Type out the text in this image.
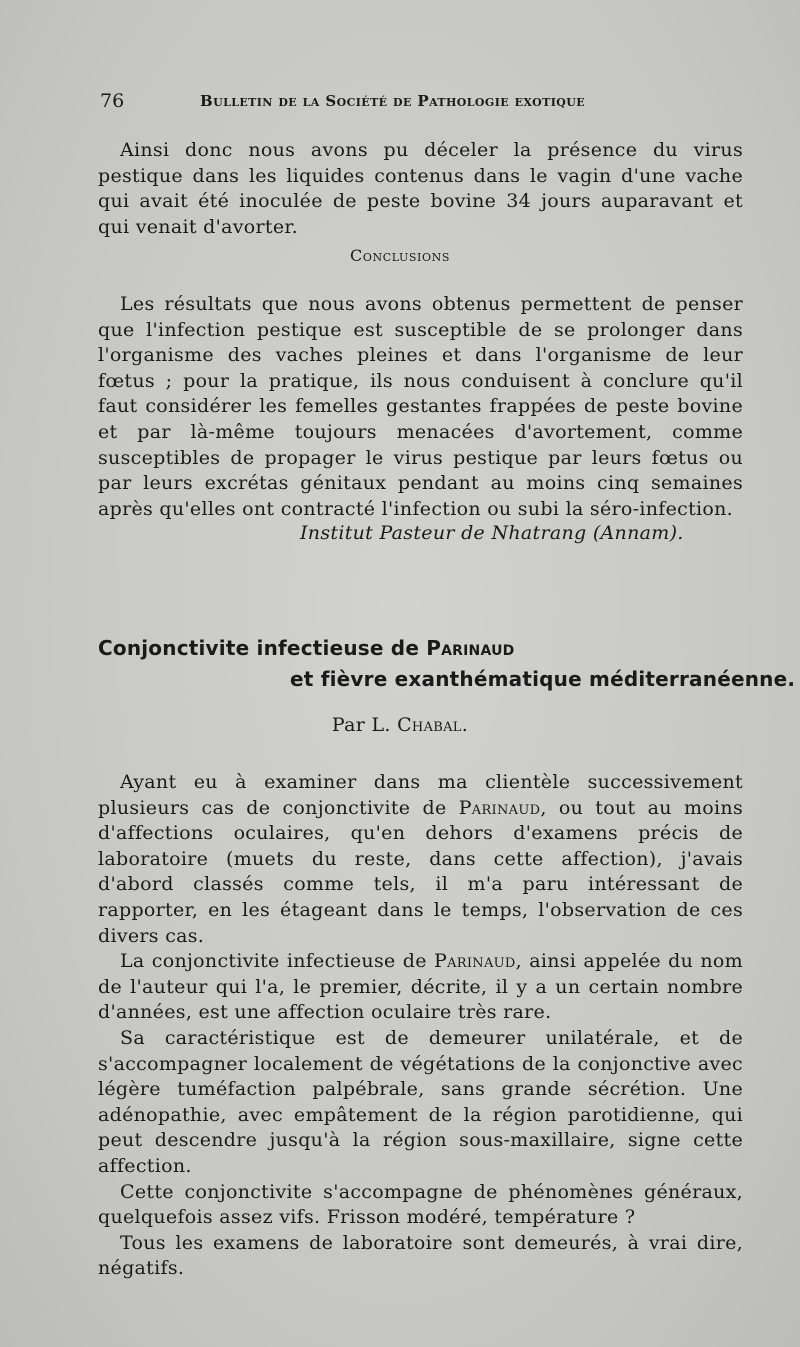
76	Bulletin de la Société de Pathologie exotique

Ainsi donc nous avons pu déceler la présence du virus pestique dans les liquides contenus dans le vagin d'une vache qui avait été inoculée de peste bovine 34 jours auparavant et qui venait d'avorter.

Conclusions

Les résultats que nous avons obtenus permettent de penser que l'infection pestique est susceptible de se prolonger dans l'organisme des vaches pleines et dans l'organisme de leur fœtus ; pour la pratique, ils nous conduisent à conclure qu'il faut considérer les femelles gestantes frappées de peste bovine et par là-même toujours menacées d'avortement, comme susceptibles de propager le virus pestique par leurs fœtus ou par leurs excrétas génitaux pendant au moins cinq semaines après qu'elles ont contracté l'infection ou subi la séro-infection.

Institut Pasteur de Nhatrang (Annam).
Conjonctivite infectieuse de Parinaud
et fièvre exanthématique méditerranéenne.
Par L. Chabal.

Ayant eu à examiner dans ma clientèle successivement plusieurs cas de conjonctivite de Parinaud, ou tout au moins d'affections oculaires, qu'en dehors d'examens précis de laboratoire (muets du reste, dans cette affection), j'avais d'abord classés comme tels, il m'a paru intéressant de rapporter, en les étageant dans le temps, l'observation de ces divers cas.

La conjonctivite infectieuse de Parinaud, ainsi appelée du nom de l'auteur qui l'a, le premier, décrite, il y a un certain nombre d'années, est une affection oculaire très rare.

Sa caractéristique est de demeurer unilatérale, et de s'accompagner localement de végétations de la conjonctive avec légère tuméfaction palpébrale, sans grande sécrétion. Une adénopathie, avec empâtement de la région parotidienne, qui peut descendre jusqu'à la région sous-maxillaire, signe cette affection.

Cette conjonctivite s'accompagne de phénomènes généraux, quelquefois assez vifs. Frisson modéré, température ?

Tous les examens de laboratoire sont demeurés, à vrai dire, négatifs.
